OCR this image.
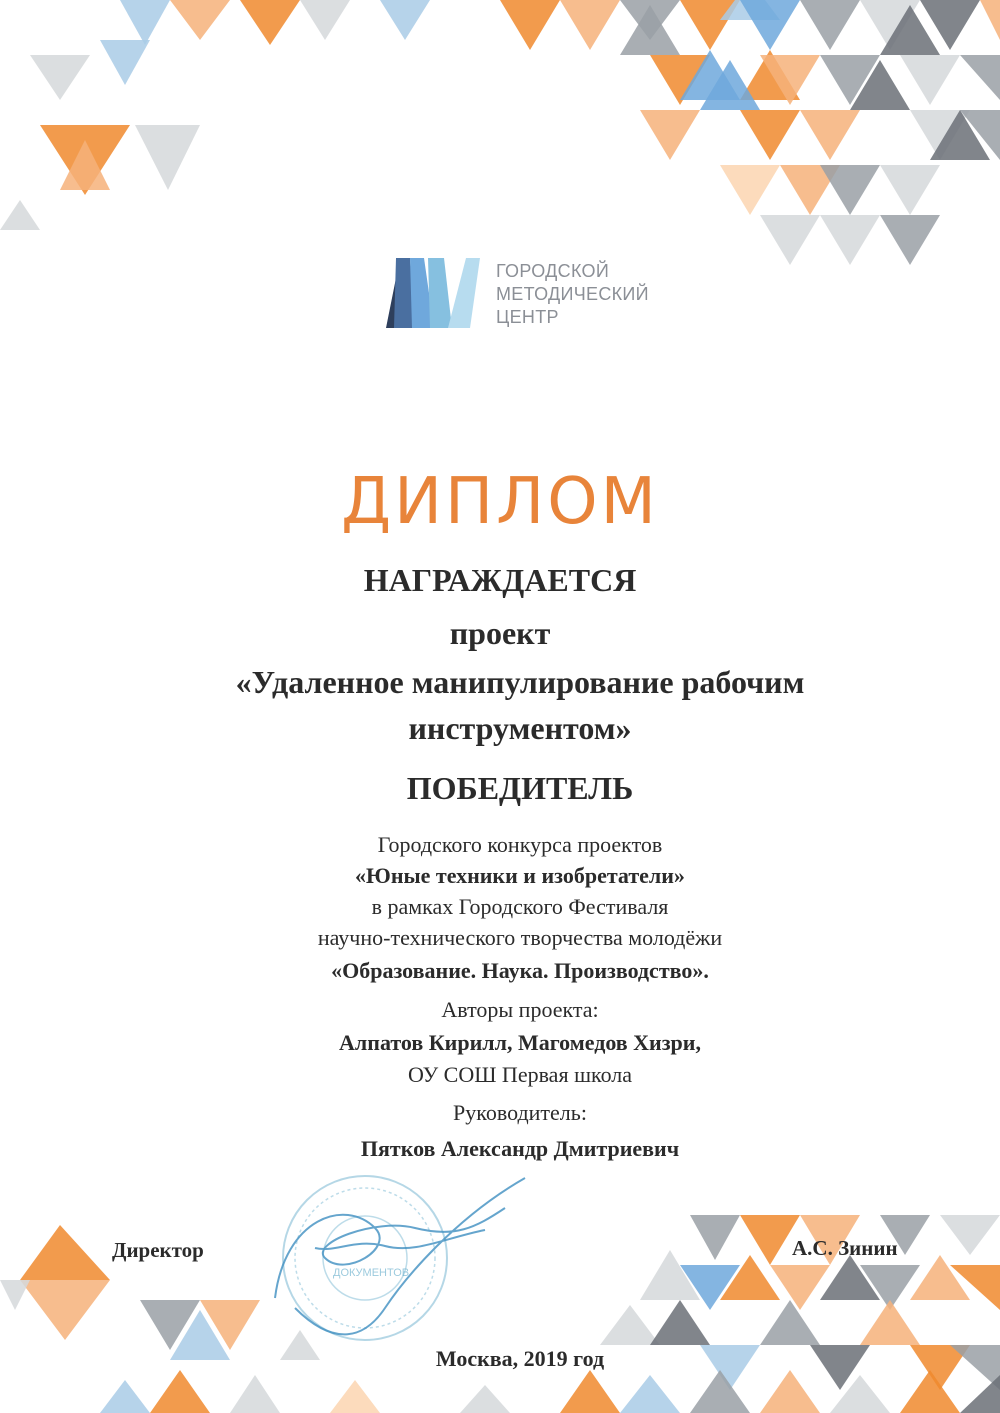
ГОРОДСКОЙ
МЕТОДИЧЕСКИЙ
ЦЕНТР
ДИПЛОМ
НАГРАЖДАЕТСЯ
проект
«Удаленное манипулирование рабочим
инструментом»
ПОБЕДИТЕЛЬ
Городского конкурса проектов
«Юные техники и изобретатели»
в рамках Городского Фестиваля
научно-технического творчества молодёжи
«Образование. Наука. Производство».
Авторы проекта:
Алпатов Кирилл, Магомедов Хизри,
ОУ СОШ Первая школа
Руководитель:
Пятков Александр Дмитриевич
ДОКУМЕНТОВ
Директор	А.С. Зинин
Москва, 2019 год
